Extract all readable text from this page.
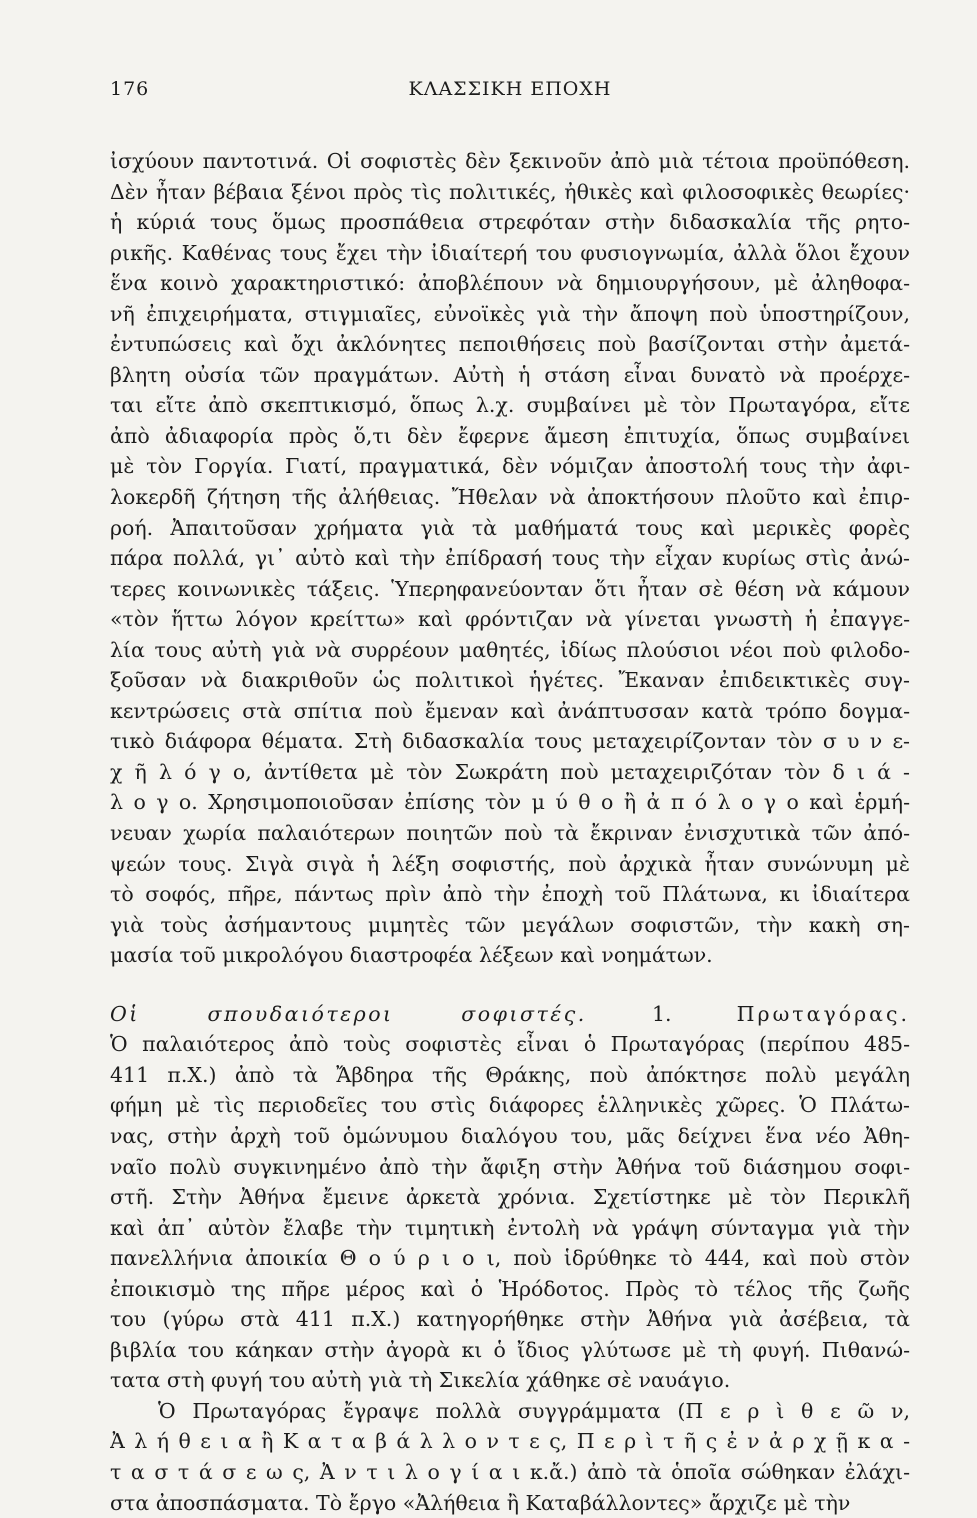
176	ΚΛΑΣΣΙΚΗ ΕΠΟΧΗ
ἰσχύουν παντοτινά. Οἱ σοφιστὲς δὲν ξεκινοῦν ἀπὸ μιὰ τέτοια προϋπόθεση.
Δὲν ἦταν βέβαια ξένοι πρὸς τὶς πολιτικές, ἠθικὲς καὶ φιλοσοφικὲς θεωρίες·
ἡ κύριά τους ὅμως προσπάθεια στρεφόταν στὴν διδασκαλία τῆς ρητο-
ρικῆς. Καθένας τους ἔχει τὴν ἰδιαίτερή του φυσιογνωμία, ἀλλὰ ὅλοι ἔχουν
ἕνα κοινὸ χαρακτηριστικό: ἀποβλέπουν νὰ δημιουργήσουν, μὲ ἀληθοφα-
νῆ ἐπιχειρήματα, στιγμιαῖες, εὐνοϊκὲς γιὰ τὴν ἄποψη ποὺ ὑποστηρίζουν,
ἐντυπώσεις καὶ ὄχι ἀκλόνητες πεποιθήσεις ποὺ βασίζονται στὴν ἀμετά-
βλητη οὐσία τῶν πραγμάτων. Αὐτὴ ἡ στάση εἶναι δυνατὸ νὰ προέρχε-
ται εἴτε ἀπὸ σκεπτικισμό, ὅπως λ.χ. συμβαίνει μὲ τὸν Πρωταγόρα, εἴτε
ἀπὸ ἀδιαφορία πρὸς ὅ,τι δὲν ἔφερνε ἄμεση ἐπιτυχία, ὅπως συμβαίνει
μὲ τὸν Γοργία. Γιατί, πραγματικά, δὲν νόμιζαν ἀποστολή τους τὴν ἀφι-
λοκερδῆ ζήτηση τῆς ἀλήθειας. Ἤθελαν νὰ ἀποκτήσουν πλοῦτο καὶ ἐπιρ-
ροή. Ἀπαιτοῦσαν χρήματα γιὰ τὰ μαθήματά τους καὶ μερικὲς φορὲς
πάρα πολλά, γι᾿ αὐτὸ καὶ τὴν ἐπίδρασή τους τὴν εἶχαν κυρίως στὶς ἀνώ-
τερες κοινωνικὲς τάξεις. Ὑπερηφανεύονταν ὅτι ἦταν σὲ θέση νὰ κάμουν
«τὸν ἥττω λόγον κρείττω» καὶ φρόντιζαν νὰ γίνεται γνωστὴ ἡ ἐπαγγε-
λία τους αὐτὴ γιὰ νὰ συρρέουν μαθητές, ἰδίως πλούσιοι νέοι ποὺ φιλοδο-
ξοῦσαν νὰ διακριθοῦν ὡς πολιτικοὶ ἡγέτες. Ἔκαναν ἐπιδεικτικὲς συγ-
κεντρώσεις στὰ σπίτια ποὺ ἔμεναν καὶ ἀνάπτυσσαν κατὰ τρόπο δογμα-
τικὸ διάφορα θέματα. Στὴ διδασκαλία τους μεταχειρίζονταν τὸν σ υ ν ε-
χ ῆ λ ό γ ο, ἀντίθετα μὲ τὸν Σωκράτη ποὺ μεταχειριζόταν τὸν δ ι ά -
λ ο γ ο. Χρησιμοποιοῦσαν ἐπίσης τὸν μ ύ θ ο ἢ ἀ π ό λ ο γ ο καὶ ἑρμή-
νευαν χωρία παλαιότερων ποιητῶν ποὺ τὰ ἔκριναν ἐνισχυτικὰ τῶν ἀπό-
ψεών τους. Σιγὰ σιγὰ ἡ λέξη σοφιστής, ποὺ ἀρχικὰ ἦταν συνώνυμη μὲ
τὸ σοφός, πῆρε, πάντως πρὶν ἀπὸ τὴν ἐποχὴ τοῦ Πλάτωνα, κι ἰδιαίτερα
γιὰ τοὺς ἀσήμαντους μιμητὲς τῶν μεγάλων σοφιστῶν, τὴν κακὴ ση-
μασία τοῦ μικρολόγου διαστροφέα λέξεων καὶ νοημάτων.
Οἱ σπουδαιότεροι σοφιστές.	1.	Πρωταγόρας.
Ὁ παλαιότερος ἀπὸ τοὺς σοφιστὲς εἶναι ὁ Πρωταγόρας (περίπου 485-
411 π.Χ.) ἀπὸ τὰ Ἄβδηρα τῆς Θράκης, ποὺ ἀπόκτησε πολὺ μεγάλη
φήμη μὲ τὶς περιοδεῖες του στὶς διάφορες ἑλληνικὲς χῶρες. Ὁ Πλάτω-
νας, στὴν ἀρχὴ τοῦ ὁμώνυμου διαλόγου του, μᾶς δείχνει ἕνα νέο Ἀθη-
ναῖο πολὺ συγκινημένο ἀπὸ τὴν ἄφιξη στὴν Ἀθήνα τοῦ διάσημου σοφι-
στῆ. Στὴν Ἀθήνα ἔμεινε ἀρκετὰ χρόνια. Σχετίστηκε μὲ τὸν Περικλῆ
καὶ ἀπ᾿ αὐτὸν ἔλαβε τὴν τιμητικὴ ἐντολὴ νὰ γράψη σύνταγμα γιὰ τὴν
πανελλήνια ἀποικία Θ ο ύ ρ ι ο ι, ποὺ ἱδρύθηκε τὸ 444, καὶ ποὺ στὸν
ἐποικισμὸ της πῆρε μέρος καὶ ὁ Ἡρόδοτος. Πρὸς τὸ τέλος τῆς ζωῆς
του (γύρω στὰ 411 π.Χ.) κατηγορήθηκε στὴν Ἀθήνα γιὰ ἀσέβεια, τὰ
βιβλία του κάηκαν στὴν ἀγορὰ κι ὁ ἴδιος γλύτωσε μὲ τὴ φυγή. Πιθανώ-
τατα στὴ φυγή του αὐτὴ γιὰ τὴ Σικελία χάθηκε σὲ ναυάγιο.
Ὁ Πρωταγόρας ἔγραψε πολλὰ συγγράμματα (Π ε ρ ὶ θ ε ῶ ν,
Ἀ λ ή θ ε ι α ἢ Κ α τ α β ά λ λ ο ν τ ε ς, Π ε ρ ὶ τ ῆ ς ἐ ν ἀ ρ χ ῇ κ α -
τ α σ τ ά σ ε ω ς, Ἀ ν τ ι λ ο γ ί α ι κ.ἄ.) ἀπὸ τὰ ὁποῖα σώθηκαν ἐλάχι-
στα ἀποσπάσματα. Τὸ ἔργο «Ἀλήθεια ἢ Καταβάλλοντες» ἄρχιζε μὲ τὴν
